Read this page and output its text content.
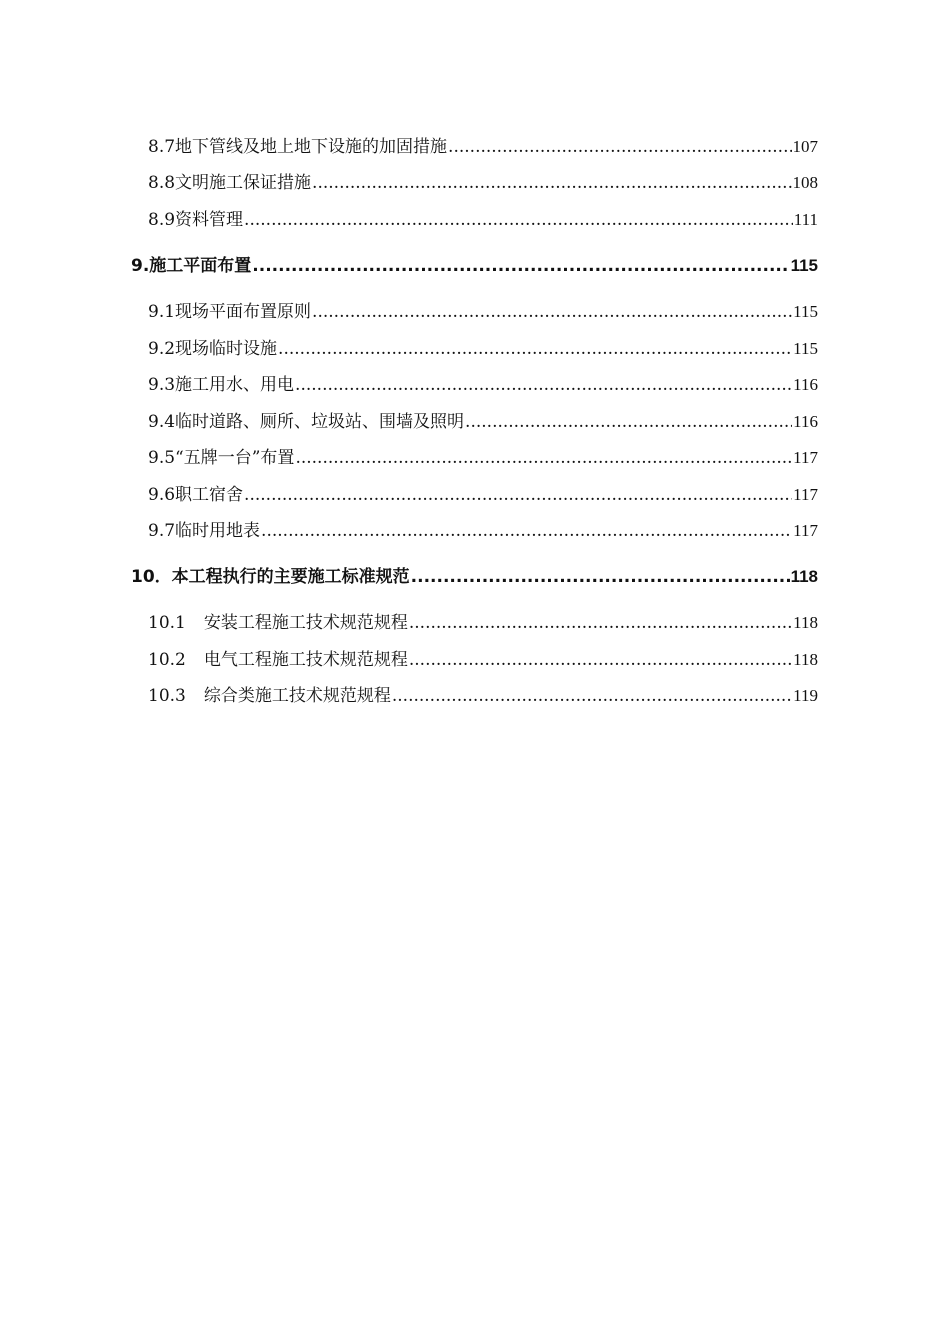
8.7 地下管线及地上地下设施的加固措施 .....	107
8.8 文明施工保证措施 .....	108
8.9 资料管理 .....	111
9. 施工平面布置 .....	115
9.1 现场平面布置原则 .....	115
9.2 现场临时设施 .....	115
9.3 施工用水、用电 .....	116
9.4 临时道路、厕所、垃圾站、围墙及照明 .....	116
9.5 “五牌一台”布置 .....	117
9.6 职工宿舍 .....	117
9.7 临时用地表 .....	117
10． 本工程执行的主要施工标准规范 .....	118
10.1 安装工程施工技术规范规程 .....	118
10.2 电气工程施工技术规范规程 .....	118
10.3 综合类施工技术规范规程 .....	119
